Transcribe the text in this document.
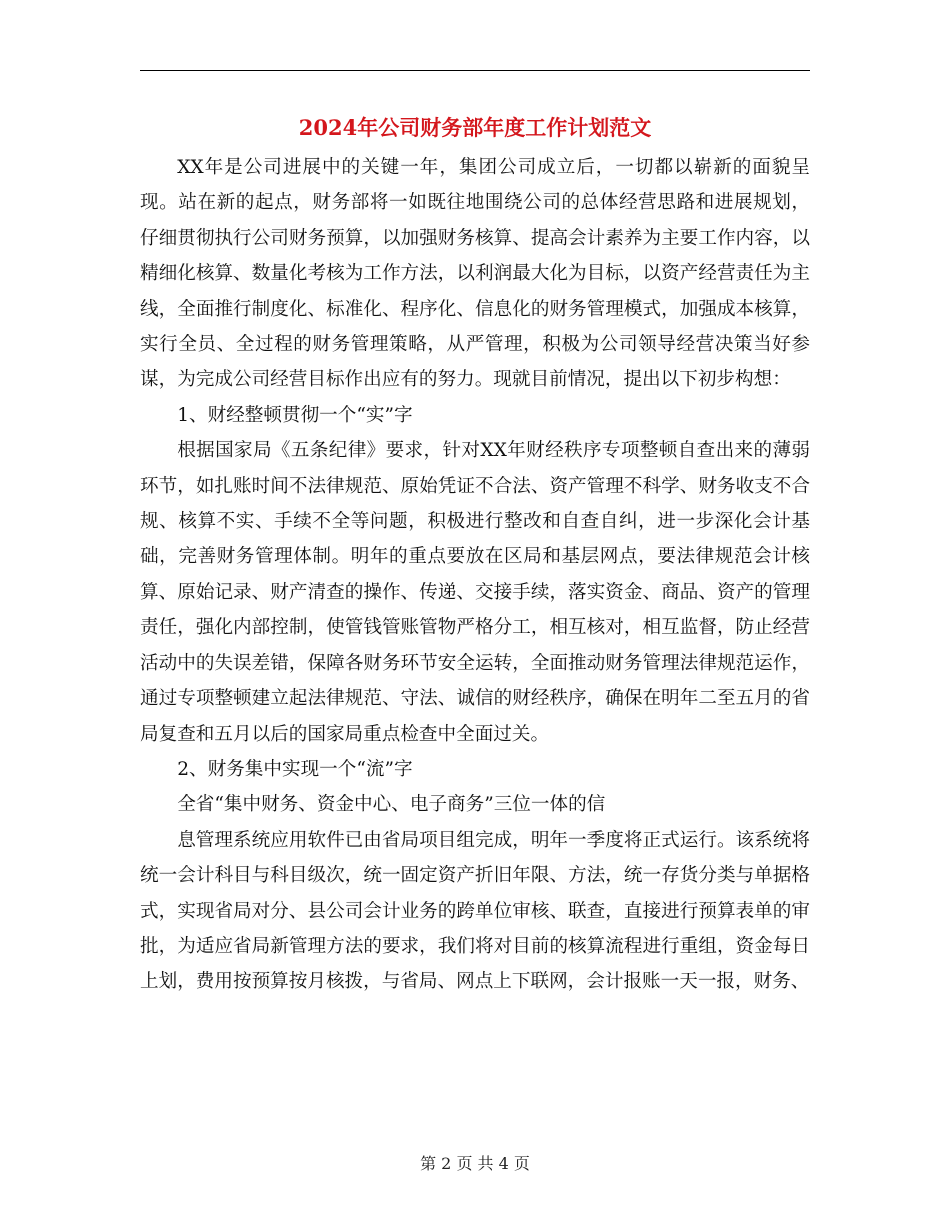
2024年公司财务部年度工作计划范文

XX年是公司进展中的关键一年，集团公司成立后，一切都以崭新的面貌呈现。站在新的起点，财务部将一如既往地围绕公司的总体经营思路和进展规划， 仔细贯彻执行公司财务预算，以加强财务核算、提高会计素养为主要工作内容，以精细化核算、数量化考核为工作方法，以利润最大化为目标，以资产经营责任为主线，全面推行制度化、标准化、程序化、信息化的财务管理模式，加强成本核算，实行全员、全过程的财务管理策略，从严管理，积极为公司领导经营决策当好参谋，为完成公司经营目标作出应有的努力。现就目前情况，提出以下初步构想：

1、财经整顿贯彻一个“实”字

根据国家局《五条纪律》要求，针对XX年财经秩序专项整顿自查出来的薄弱环节，如扎账时间不法律规范、原始凭证不合法、资产管理不科学、财务收支不合规、核算不实、手续不全等问题，积极进行整改和自查自纠，进一步深化会计基础，完善财务管理体制。明年的重点要放在区局和基层网点，要法律规范会计核算、原始记录、财产清查的操作、传递、交接手续，落实资金、商品、资产的管理责任，强化内部控制，使管钱管账管物严格分工，相互核对，相互监督，防止经营活动中的失误差错，保障各财务环节安全运转，全面推动财务管理法律规范运作，通过专项整顿建立起法律规范、守法、诚信的财经秩序，确保在明年二至五月的省局复查和五月以后的国家局重点检查中全面过关。

2、财务集中实现一个“流”字

全省“集中财务、资金中心、电子商务”三位一体的信

息管理系统应用软件已由省局项目组完成，明年一季度将正式运行。该系统将统一会计科目与科目级次，统一固定资产折旧年限、方法，统一存货分类与单据格式，实现省局对分、县公司会计业务的跨单位审核、联查，直接进行预算表单的审批，为适应省局新管理方法的要求，我们将对目前的核算流程进行重组，资金每日上划，费用按预算按月核拨，与省局、网点上下联网，会计报账一天一报，财务、

第 2 页 共 4 页
